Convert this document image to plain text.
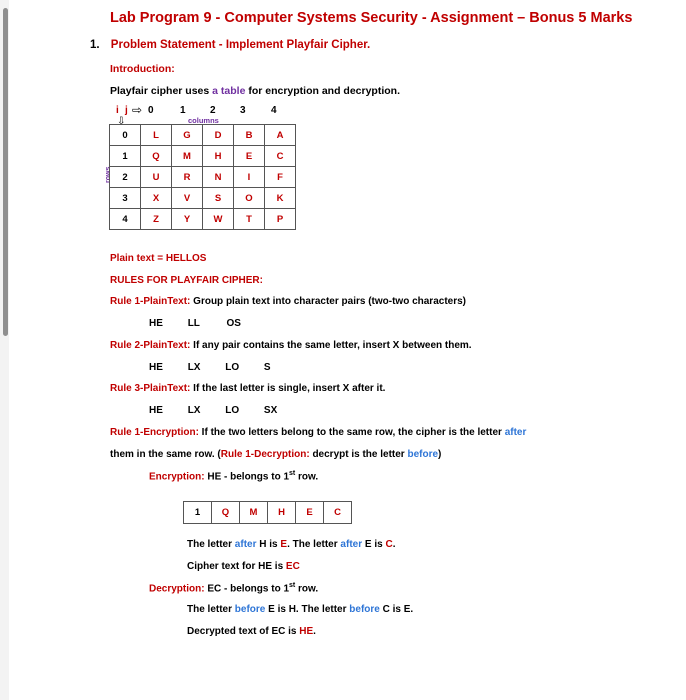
Lab Program 9 - Computer Systems Security - Assignment – Bonus 5 Marks
1. Problem Statement - Implement Playfair Cipher.
Introduction:
Playfair cipher uses a table for encryption and decryption.
i j ⇨
⇩
0	1 2 3	4
columns
rows
0	L	G	D	B	A
1	Q	M	H	E	C
2	U	R	N	I	F
3	X	V	S	O	K
4	Z	Y	W	T	P
Plain text = HELLOS
RULES FOR PLAYFAIR CIPHER:
Rule 1-PlainText: Group plain text into character pairs (two-two characters)
HE LL	OS
Rule 2-PlainText: If any pair contains the same letter, insert X between them.
HE LX LO S
Rule 3-PlainText: If the last letter is single, insert X after it.
HE LX LO SX
Rule 1-Encryption: If the two letters belong to the same row, the cipher is the letter after
them in the same row. (Rule 1-Decryption: decrypt is the letter before)
Encryption: HE - belongs to 1st row.
1	Q	M	H	E	C
The letter after H is E. The letter after E is C.
Cipher text for HE is EC
Decryption: EC - belongs to 1st row.
The letter before E is H. The letter before C is E.
Decrypted text of EC is HE.
